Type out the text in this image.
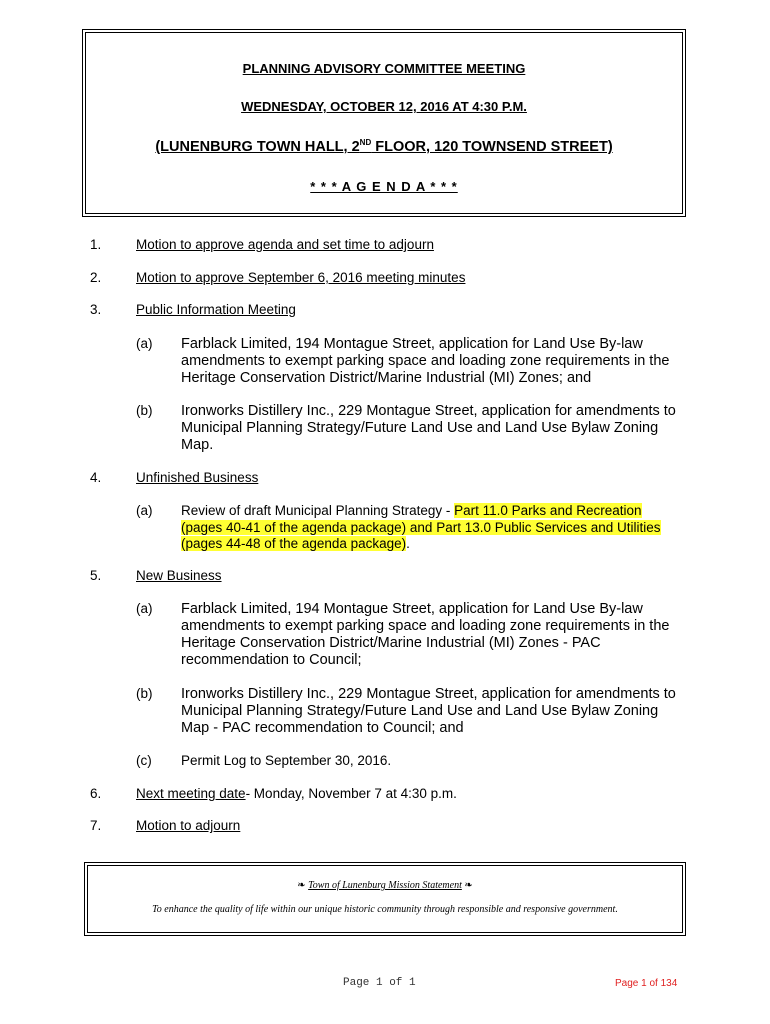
PLANNING ADVISORY COMMITTEE MEETING
WEDNESDAY, OCTOBER 12, 2016 AT 4:30 P.M.
(LUNENBURG TOWN HALL, 2ND FLOOR, 120 TOWNSEND STREET)
* * * A G E N D A * * *
1.	Motion to approve agenda and set time to adjourn
2.	Motion to approve September 6, 2016 meeting minutes
3.	Public Information Meeting
(a) Farblack Limited, 194 Montague Street, application for Land Use By-law amendments to exempt parking space and loading zone requirements in the Heritage Conservation District/Marine Industrial (MI) Zones; and
(b) Ironworks Distillery Inc., 229 Montague Street, application for amendments to Municipal Planning Strategy/Future Land Use and Land Use Bylaw Zoning Map.
4.	Unfinished Business
(a) Review of draft Municipal Planning Strategy - Part 11.0 Parks and Recreation (pages 40-41 of the agenda package) and Part 13.0 Public Services and Utilities (pages 44-48 of the agenda package).
5.	New Business
(a) Farblack Limited, 194 Montague Street, application for Land Use By-law amendments to exempt parking space and loading zone requirements in the Heritage Conservation District/Marine Industrial (MI) Zones - PAC recommendation to Council;
(b) Ironworks Distillery Inc., 229 Montague Street, application for amendments to Municipal Planning Strategy/Future Land Use and Land Use Bylaw Zoning Map - PAC recommendation to Council; and
(c) Permit Log to September 30, 2016.
6.	Next meeting date- Monday, November 7 at 4:30 p.m.
7.	Motion to adjourn
❧ Town of Lunenburg Mission Statement ❧
To enhance the quality of life within our unique historic community through responsible and responsive government.
Page 1 of 1	Page 1 of 134
